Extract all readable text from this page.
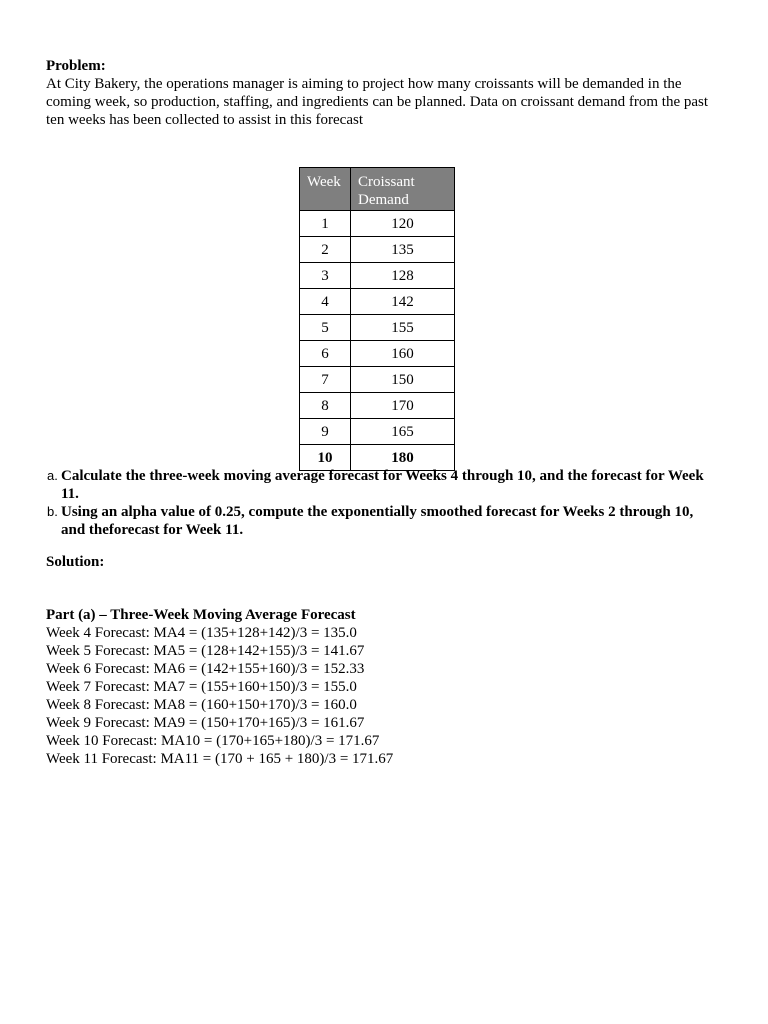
Problem:

At City Bakery, the operations manager is aiming to project how many croissants will be demanded in the coming week, so production, staffing, and ingredients can be planned. Data on croissant demand from the past ten weeks has been collected to assist in this forecast

Week	Croissant Demand
1	120
2	135
3	128
4	142
5	155
6	160
7	150
8	170
9	165
10	180
a. Calculate the three-week moving average forecast for Weeks 4 through 10, and the forecast for Week 11.
b. Using an alpha value of 0.25, compute the exponentially smoothed forecast for Weeks 2 through 10, and theforecast for Week 11.
Solution:
Part (a) – Three-Week Moving Average Forecast
Week 4 Forecast: MA4 = (135+128+142)/3 = 135.0
Week 5 Forecast: MA5 = (128+142+155)/3 = 141.67
Week 6 Forecast: MA6 = (142+155+160)/3 = 152.33
Week 7 Forecast: MA7 = (155+160+150)/3 = 155.0
Week 8 Forecast: MA8 = (160+150+170)/3 = 160.0
Week 9 Forecast: MA9 = (150+170+165)/3 = 161.67
Week 10 Forecast: MA10 = (170+165+180)/3 = 171.67
Week 11 Forecast: MA11 = (170 + 165 + 180)/3 = 171.67
